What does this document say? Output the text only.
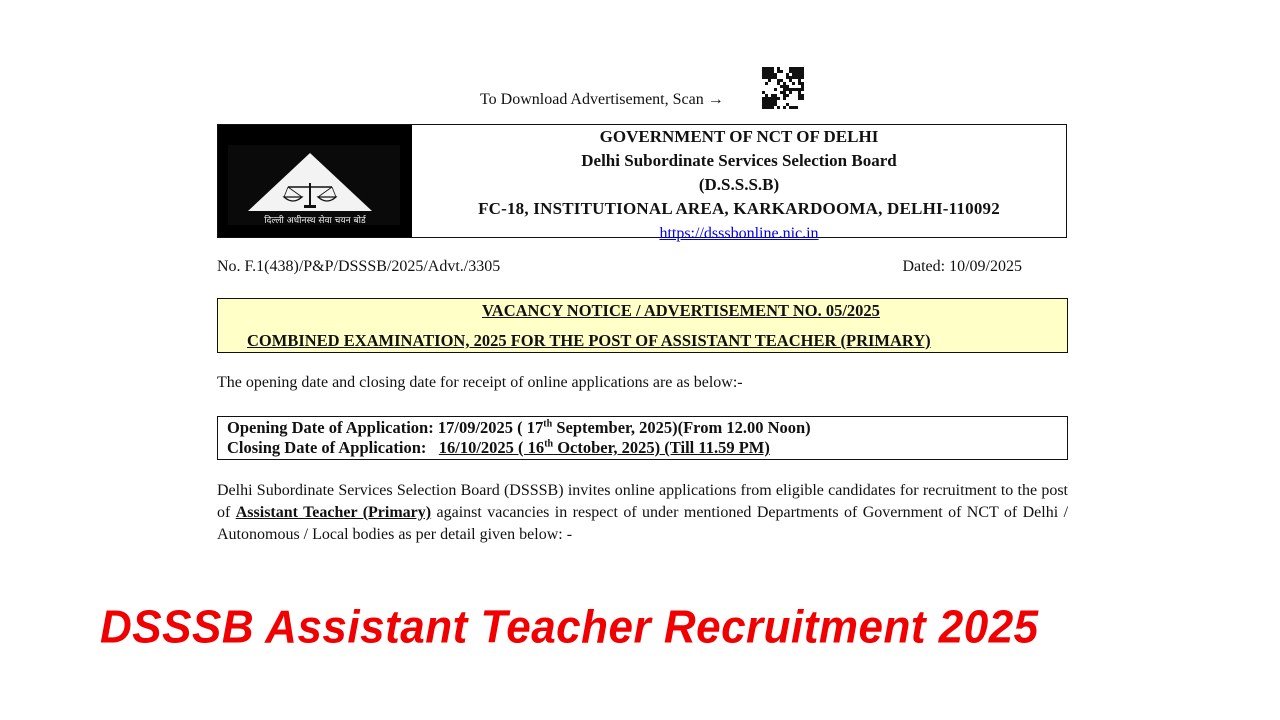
To Download Advertisement, Scan →
दिल्ली अधीनस्थ सेवा चयन बोर्ड
GOVERNMENT OF NCT OF DELHI
Delhi Subordinate Services Selection Board
(D.S.S.S.B)
FC-18, INSTITUTIONAL AREA, KARKARDOOMA, DELHI-110092
https://dsssbonline.nic.in
No. F.1(438)/P&P/DSSSB/2025/Advt./3305	Dated: 10/09/2025
VACANCY NOTICE / ADVERTISEMENT NO. 05/2025
COMBINED EXAMINATION, 2025 FOR THE POST OF ASSISTANT TEACHER (PRIMARY)
The opening date and closing date for receipt of online applications are as below:-
Opening Date of Application: 17/09/2025 ( 17th September, 2025)(From 12.00 Noon)
Closing Date of Application: 16/10/2025 ( 16th October, 2025) (Till 11.59 PM)
Delhi Subordinate Services Selection Board (DSSSB) invites online applications from eligible candidates for recruitment to the post of Assistant Teacher (Primary) against vacancies in respect of under mentioned Departments of Government of NCT of Delhi / Autonomous / Local bodies as per detail given below: -
DSSSB Assistant Teacher Recruitment 2025
